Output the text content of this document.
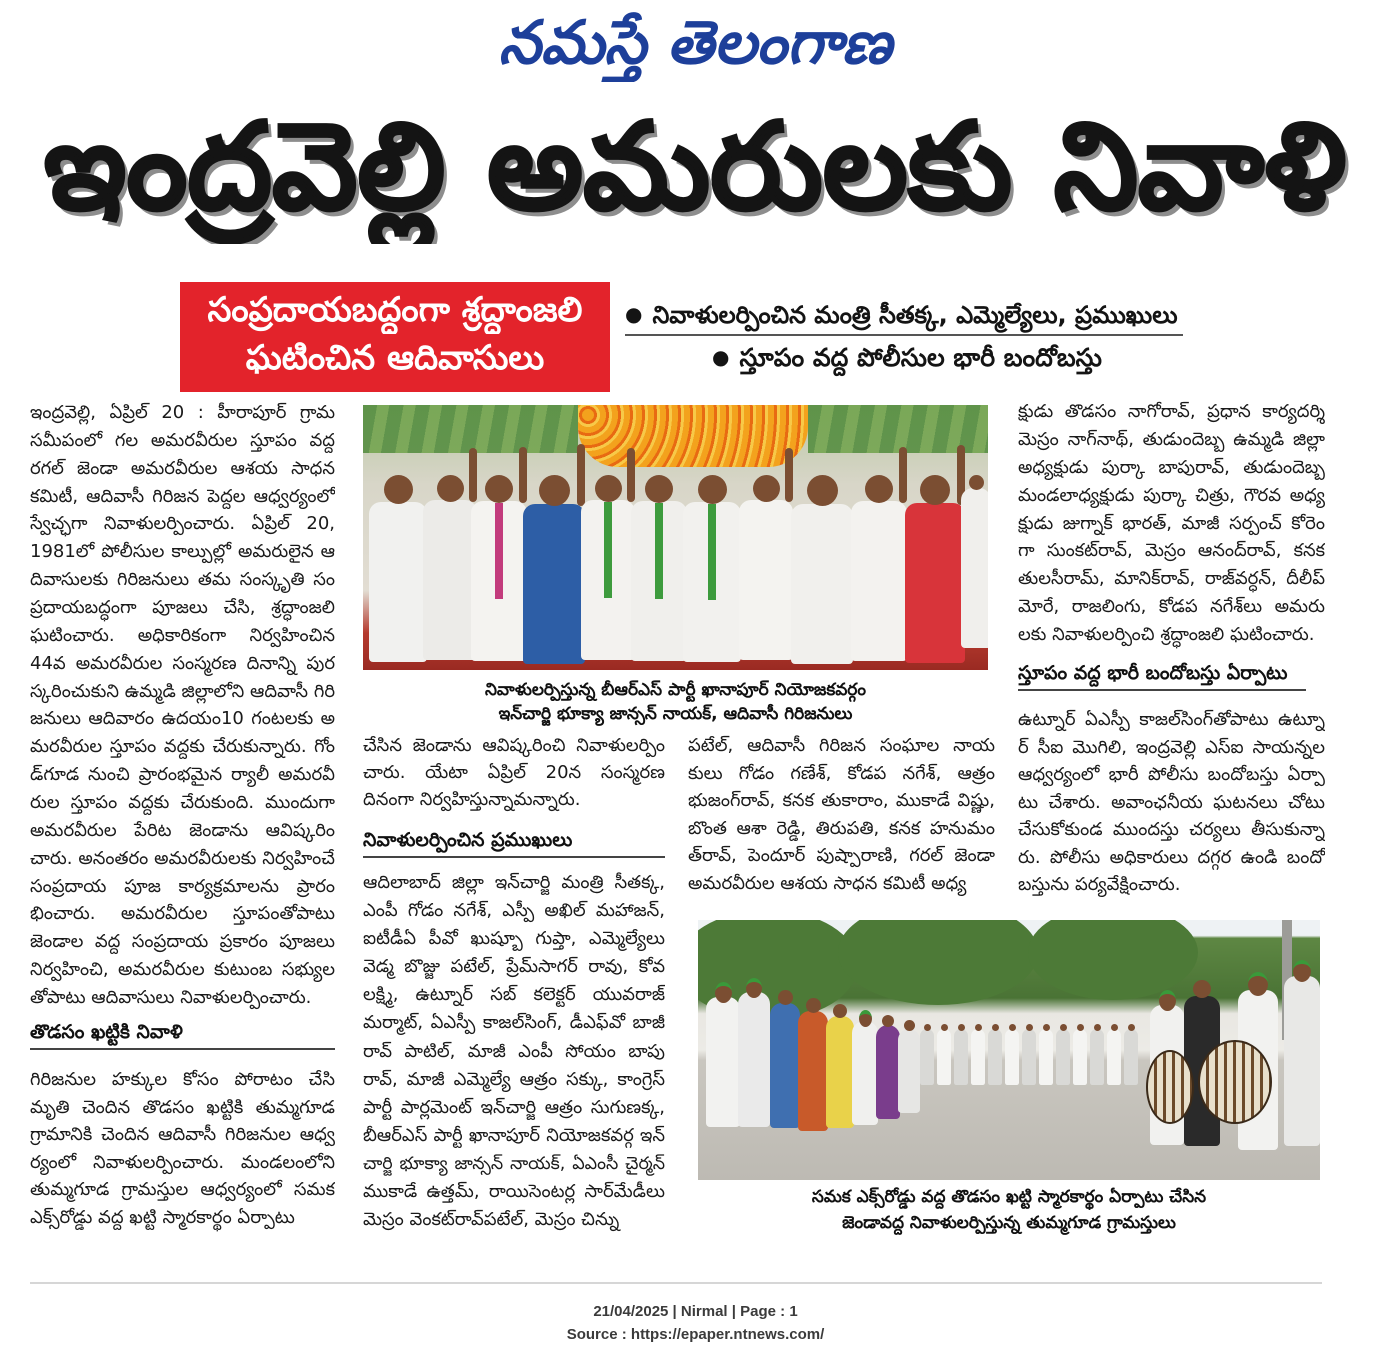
నమస్తే తెలంగాణ
ఇంద్రవెల్లి అమరులకు నివాళి
సంప్రదాయబద్ధంగా శ్రద్ధాంజలి
ఘటించిన ఆదివాసులు
● నివాళులర్పించిన మంత్రి సీతక్క, ఎమ్మెల్యేలు, ప్రముఖులు
● స్తూపం వద్ద పోలీసుల భారీ బందోబస్తు
ఇంద్రవెల్లి, ఏప్రిల్ 20 : హీరాపూర్ గ్రామ
సమీపంలో గల అమరవీరుల స్తూపం వద్ద
రగల్ జెండా అమరవీరుల ఆశయ సాధన
కమిటీ, ఆదివాసీ గిరిజన పెద్దల ఆధ్వర్యంలో
స్వేచ్ఛగా నివాళులర్పించారు. ఏప్రిల్ 20,
1981లో పోలీసుల కాల్పుల్లో అమరులైన ఆ
దివాసులకు గిరిజనులు తమ సంస్కృతి సం
ప్రదాయబద్ధంగా పూజలు చేసి, శ్రద్ధాంజలి
ఘటించారు. అధికారికంగా నిర్వహించిన
44వ అమరవీరుల సంస్మరణ దినాన్ని పుర
స్కరించుకుని ఉమ్మడి జిల్లాలోని ఆదివాసీ గిరి
జనులు ఆదివారం ఉదయం10 గంటలకు అ
మరవీరుల స్తూపం వద్దకు చేరుకున్నారు. గోం
డ్‌గూడ నుంచి ప్రారంభమైన ర్యాలీ అమరవీ
రుల స్తూపం వద్దకు చేరుకుంది. ముందుగా
అమరవీరుల పేరిట జెండాను ఆవిష్కరిం
చారు. అనంతరం అమరవీరులకు నిర్వహించే
సంప్రదాయ పూజ కార్యక్రమాలను ప్రారం
భించారు. అమరవీరుల స్తూపంతోపాటు
జెండాల వద్ద సంప్రదాయ ప్రకారం పూజలు
నిర్వహించి, అమరవీరుల కుటుంబ సభ్యుల
తోపాటు ఆదివాసులు నివాళులర్పించారు.
తొడసం ఖట్టికి నివాళి
గిరిజనుల హక్కుల కోసం పోరాటం చేసి
మృతి చెందిన తొడసం ఖట్టికి తుమ్మగూడ
గ్రామానికి చెందిన ఆదివాసీ గిరిజనుల ఆధ్వ
ర్యంలో నివాళులర్పించారు. మండలంలోని
తుమ్మగూడ గ్రామస్తుల ఆధ్వర్యంలో సమక
ఎక్స్‌రోడ్డు వద్ద ఖట్టి స్మారకార్థం ఏర్పాటు
నివాళులర్పిస్తున్న బీఆర్ఎస్ పార్టీ ఖానాపూర్ నియోజకవర్గం
ఇన్‌చార్జి భూక్యా జాన్సన్ నాయక్, ఆదివాసీ గిరిజనులు
చేసిన జెండాను ఆవిష్కరించి నివాళులర్పిం
చారు. యేటా ఏప్రిల్ 20న సంస్మరణ
దినంగా నిర్వహిస్తున్నామన్నారు.
నివాళులర్పించిన ప్రముఖులు
ఆదిలాబాద్ జిల్లా ఇన్‌చార్జి మంత్రి సీతక్క,
ఎంపీ గోడం నగేశ్, ఎస్పీ అఖిల్ మహాజన్,
ఐటీడీఏ పీవో ఖుష్బూ గుప్తా, ఎమ్మెల్యేలు
వెడ్మ బొజ్జు పటేల్, ప్రేమ్‌సాగర్ రావు, కోవ
లక్ష్మి, ఉట్నూర్ సబ్ కలెక్టర్ యువరాజ్
మర్మాట్, ఏఎస్పీ కాజల్‌సింగ్, డీఎఫ్‌వో బాజీ
రావ్ పాటిల్, మాజీ ఎంపీ సోయం బాపు
రావ్, మాజీ ఎమ్మెల్యే ఆత్రం సక్కు, కాంగ్రెస్
పార్టీ పార్లమెంట్ ఇన్‌చార్జి ఆత్రం సుగుణక్క,
బీఆర్ఎస్ పార్టీ ఖానాపూర్ నియోజకవర్గ ఇన్
చార్జి భూక్యా జాన్సన్ నాయక్, ఏఎంసీ చైర్మన్
ముకాడే ఉత్తమ్, రాయిసెంటర్ల సార్‌మేడీలు
మెస్రం వెంకట్‌రావ్‌పటేల్, మెస్రం చిన్ను
పటేల్, ఆదివాసీ గిరిజన సంఘాల నాయ
కులు గోడం గణేశ్, కోడప నగేశ్, ఆత్రం
భుజంగ్‌రావ్, కనక తుకారాం, ముకాడే విష్ణు,
బొంత ఆశా రెడ్డి, తిరుపతి, కనక హనుమం
త్‌రావ్, పెందూర్ పుష్పారాణి, గరల్ జెండా
అమరవీరుల ఆశయ సాధన కమిటీ అధ్య
క్షుడు తొడసం నాగోరావ్, ప్రధాన కార్యదర్శి
మెస్రం నాగ్‌నాథ్, తుడుందెబ్బ ఉమ్మడి జిల్లా
అధ్యక్షుడు పుర్కా బాపురావ్, తుడుందెబ్బ
మండలాధ్యక్షుడు పుర్కా చిత్రు, గౌరవ అధ్య
క్షుడు జుగ్నాక్ భారత్, మాజీ సర్పంచ్ కోరెం
గా సుంకట్‌రావ్, మెస్రం ఆనంద్‌రావ్, కనక
తులసీరామ్, మానిక్‌రావ్, రాజ్‌వర్ధన్, దీలీప్
మోరే, రాజలింగు, కోడప నగేశ్‌లు అమరు
లకు నివాళులర్పించి శ్రద్ధాంజలి ఘటించారు.
స్తూపం వద్ద భారీ బందోబస్తు ఏర్పాటు
ఉట్నూర్ ఏఎస్పీ కాజల్‌సింగ్‌తోపాటు ఉట్నూ
ర్ సీఐ మొగిలి, ఇంద్రవెల్లి ఎస్ఐ సాయన్నల
ఆధ్వర్యంలో భారీ పోలీసు బందోబస్తు ఏర్పా
టు చేశారు. అవాంఛనీయ ఘటనలు చోటు
చేసుకోకుండ ముందస్తు చర్యలు తీసుకున్నా
రు. పోలీసు అధికారులు దగ్గర ఉండి బందో
బస్తును పర్యవేక్షించారు.
సమక ఎక్స్‌రోడ్డు వద్ద తొడసం ఖట్టి స్మారకార్థం ఏర్పాటు చేసిన
జెండావద్ద నివాళులర్పిస్తున్న తుమ్మగూడ గ్రామస్తులు
21/04/2025 | Nirmal | Page : 1
Source : https://epaper.ntnews.com/
